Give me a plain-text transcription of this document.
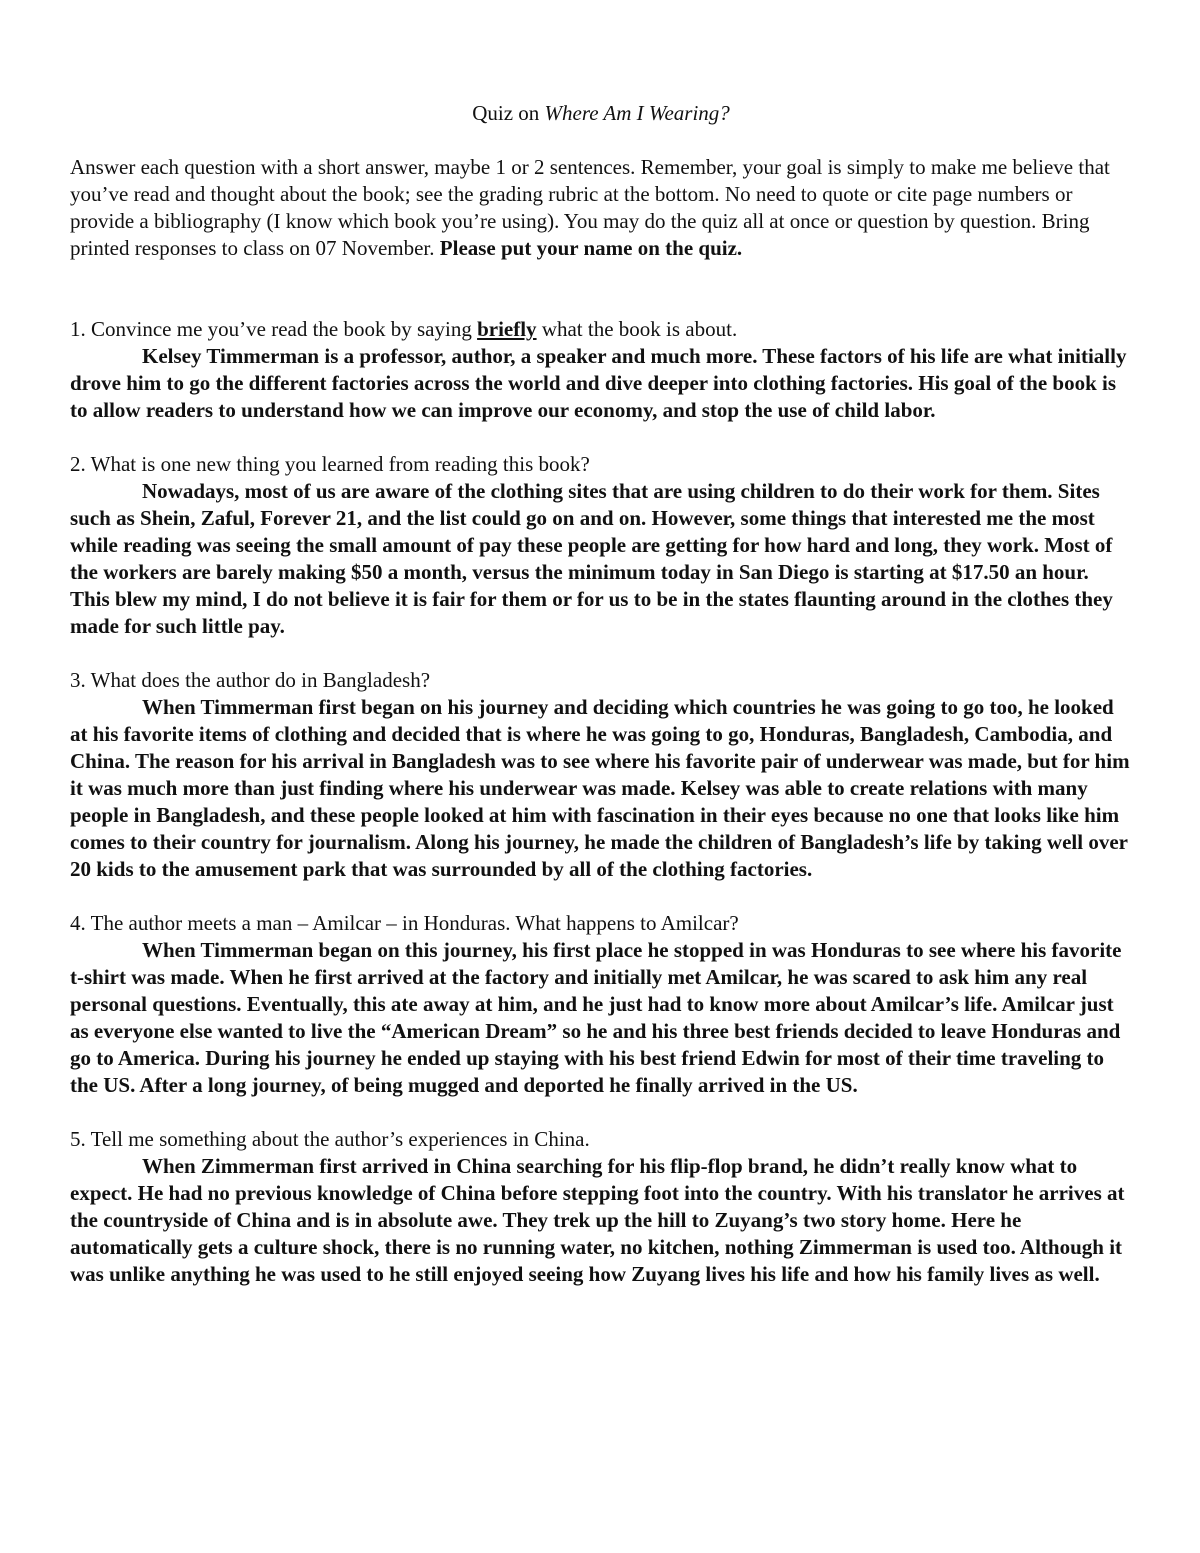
Quiz on Where Am I Wearing?

Answer each question with a short answer, maybe 1 or 2 sentences. Remember, your goal is simply to make me believe that you’ve read and thought about the book; see the grading rubric at the bottom. No need to quote or cite page numbers or provide a bibliography (I know which book you’re using). You may do the quiz all at once or question by question. Bring printed responses to class on 07 November. Please put your name on the quiz.

1. Convince me you’ve read the book by saying briefly what the book is about.

Kelsey Timmerman is a professor, author, a speaker and much more. These factors of his life are what initially drove him to go the different factories across the world and dive deeper into clothing factories. His goal of the book is to allow readers to understand how we can improve our economy, and stop the use of child labor.

2. What is one new thing you learned from reading this book?

Nowadays, most of us are aware of the clothing sites that are using children to do their work for them. Sites such as Shein, Zaful, Forever 21, and the list could go on and on. However, some things that interested me the most while reading was seeing the small amount of pay these people are getting for how hard and long, they work. Most of the workers are barely making $50 a month, versus the minimum today in San Diego is starting at $17.50 an hour. This blew my mind, I do not believe it is fair for them or for us to be in the states flaunting around in the clothes they made for such little pay.

3. What does the author do in Bangladesh?

When Timmerman first began on his journey and deciding which countries he was going to go too, he looked at his favorite items of clothing and decided that is where he was going to go, Honduras, Bangladesh, Cambodia, and China. The reason for his arrival in Bangladesh was to see where his favorite pair of underwear was made, but for him it was much more than just finding where his underwear was made. Kelsey was able to create relations with many people in Bangladesh, and these people looked at him with fascination in their eyes because no one that looks like him comes to their country for journalism. Along his journey, he made the children of Bangladesh’s life by taking well over 20 kids to the amusement park that was surrounded by all of the clothing factories.

4. The author meets a man – Amilcar – in Honduras. What happens to Amilcar?

When Timmerman began on this journey, his first place he stopped in was Honduras to see where his favorite t-shirt was made. When he first arrived at the factory and initially met Amilcar, he was scared to ask him any real personal questions. Eventually, this ate away at him, and he just had to know more about Amilcar’s life. Amilcar just as everyone else wanted to live the “American Dream” so he and his three best friends decided to leave Honduras and go to America. During his journey he ended up staying with his best friend Edwin for most of their time traveling to the US. After a long journey, of being mugged and deported he finally arrived in the US.

5. Tell me something about the author’s experiences in China.

When Zimmerman first arrived in China searching for his flip-flop brand, he didn’t really know what to expect. He had no previous knowledge of China before stepping foot into the country. With his translator he arrives at the countryside of China and is in absolute awe. They trek up the hill to Zuyang’s two story home. Here he automatically gets a culture shock, there is no running water, no kitchen, nothing Zimmerman is used too. Although it was unlike anything he was used to he still enjoyed seeing how Zuyang lives his life and how his family lives as well.
